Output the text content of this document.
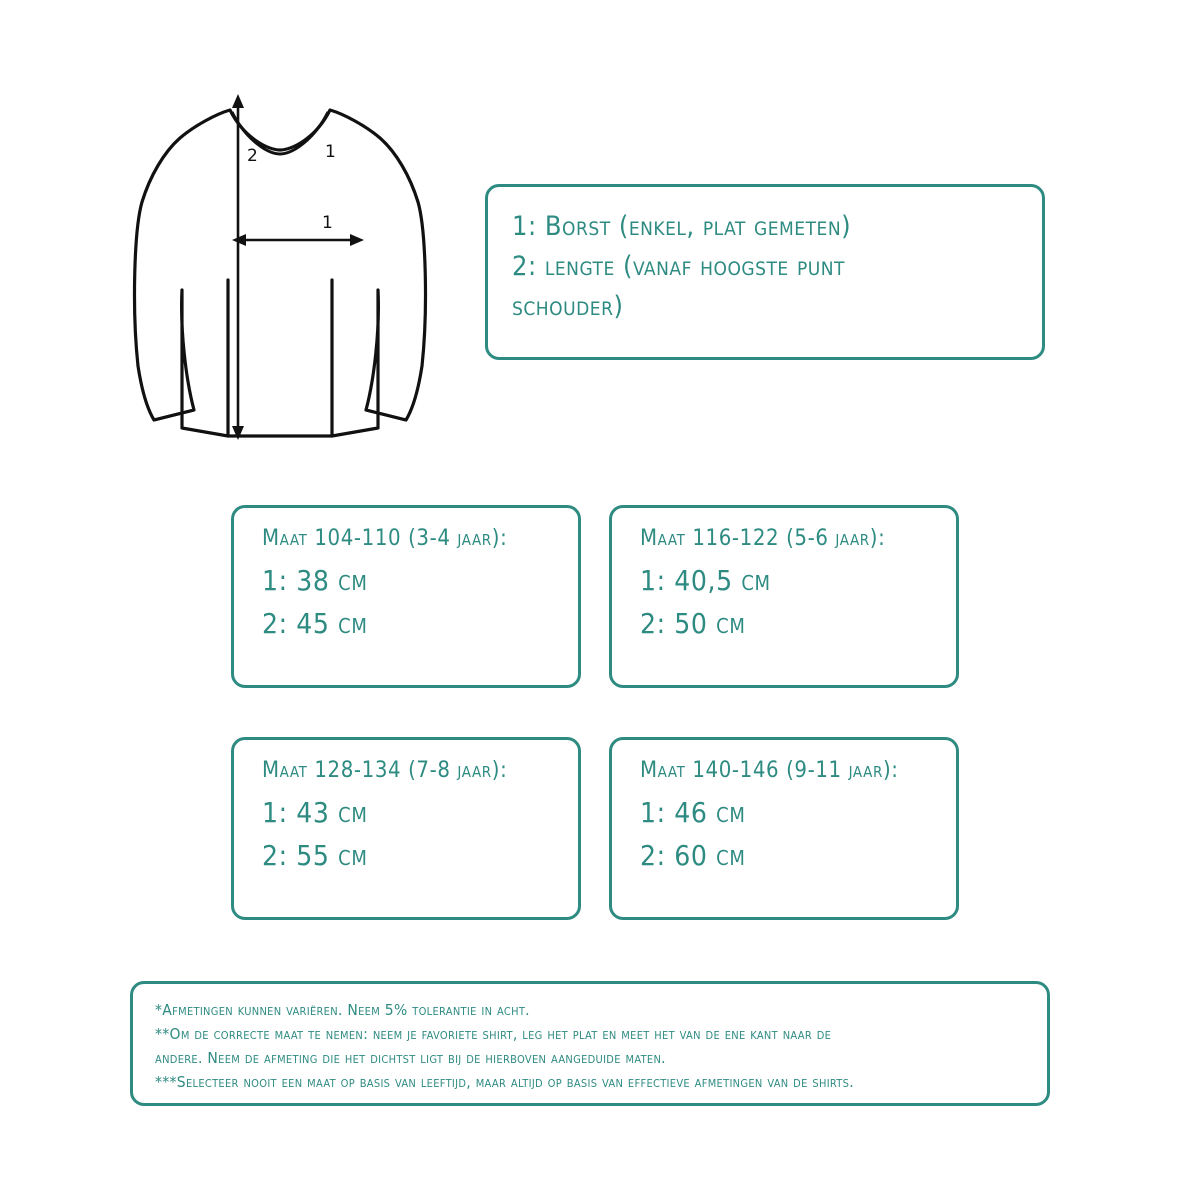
1
1
2
1: Borst (enkel, plat gemeten)
2: lengte (vanaf hoogste punt
schouder)
Maat 104-110 (3-4 jaar):
1: 38 cm
2: 45 cm
Maat 116-122 (5-6 jaar):
1: 40,5 cm
2: 50 cm
Maat 128-134 (7-8 jaar):
1: 43 cm
2: 55 cm
Maat 140-146 (9-11 jaar):
1: 46 cm
2: 60 cm
*Afmetingen kunnen variëren. Neem 5% tolerantie in acht.
**Om de correcte maat te nemen: neem je favoriete shirt, leg het plat en meet het van de ene kant naar de
andere. Neem de afmeting die het dichtst ligt bij de hierboven aangeduide maten.
***Selecteer nooit een maat op basis van leeftijd, maar altijd op basis van effectieve afmetingen van de shirts.
